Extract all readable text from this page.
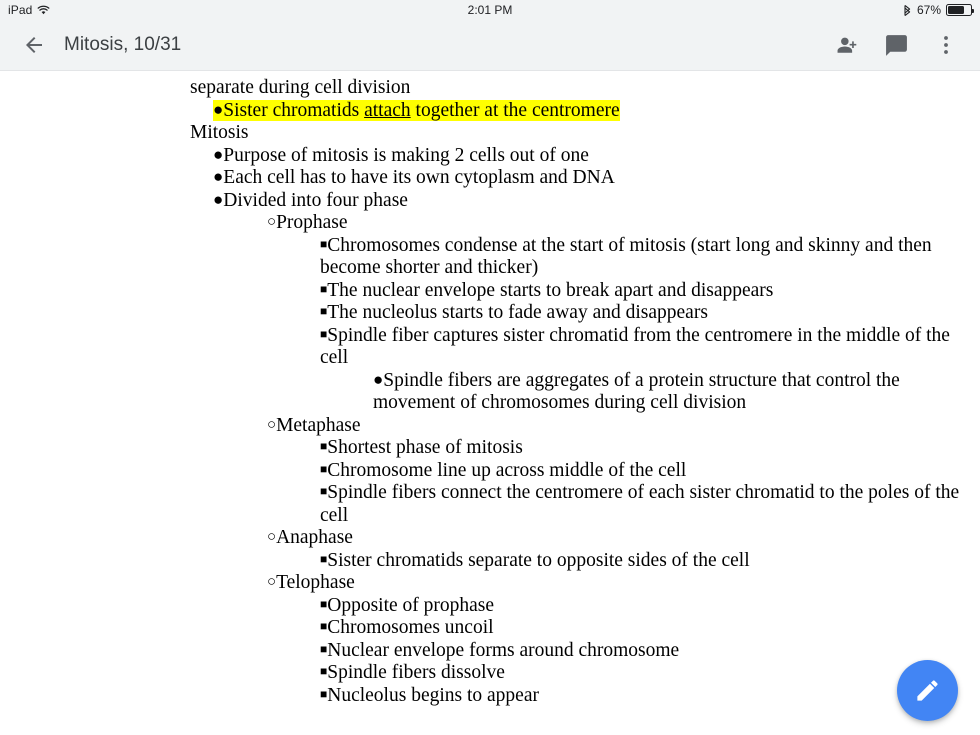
iPad	2:01 PM	67%
Mitosis, 10/31
separate during cell division
●Sister chromatids attach together at the centromere
Mitosis
●Purpose of mitosis is making 2 cells out of one
●Each cell has to have its own cytoplasm and DNA
●Divided into four phase
○Prophase
■Chromosomes condense at the start of mitosis (start long and skinny and then become shorter and thicker)
■The nuclear envelope starts to break apart and disappears
■The nucleolus starts to fade away and disappears
■Spindle fiber captures sister chromatid from the centromere in the middle of the cell
●Spindle fibers are aggregates of a protein structure that control the movement of chromosomes during cell division
○Metaphase
■Shortest phase of mitosis
■Chromosome line up across middle of the cell
■Spindle fibers connect the centromere of each sister chromatid to the poles of the cell
○Anaphase
■Sister chromatids separate to opposite sides of the cell
○Telophase
■Opposite of prophase
■Chromosomes uncoil
■Nuclear envelope forms around chromosome
■Spindle fibers dissolve
■Nucleolus begins to appear
